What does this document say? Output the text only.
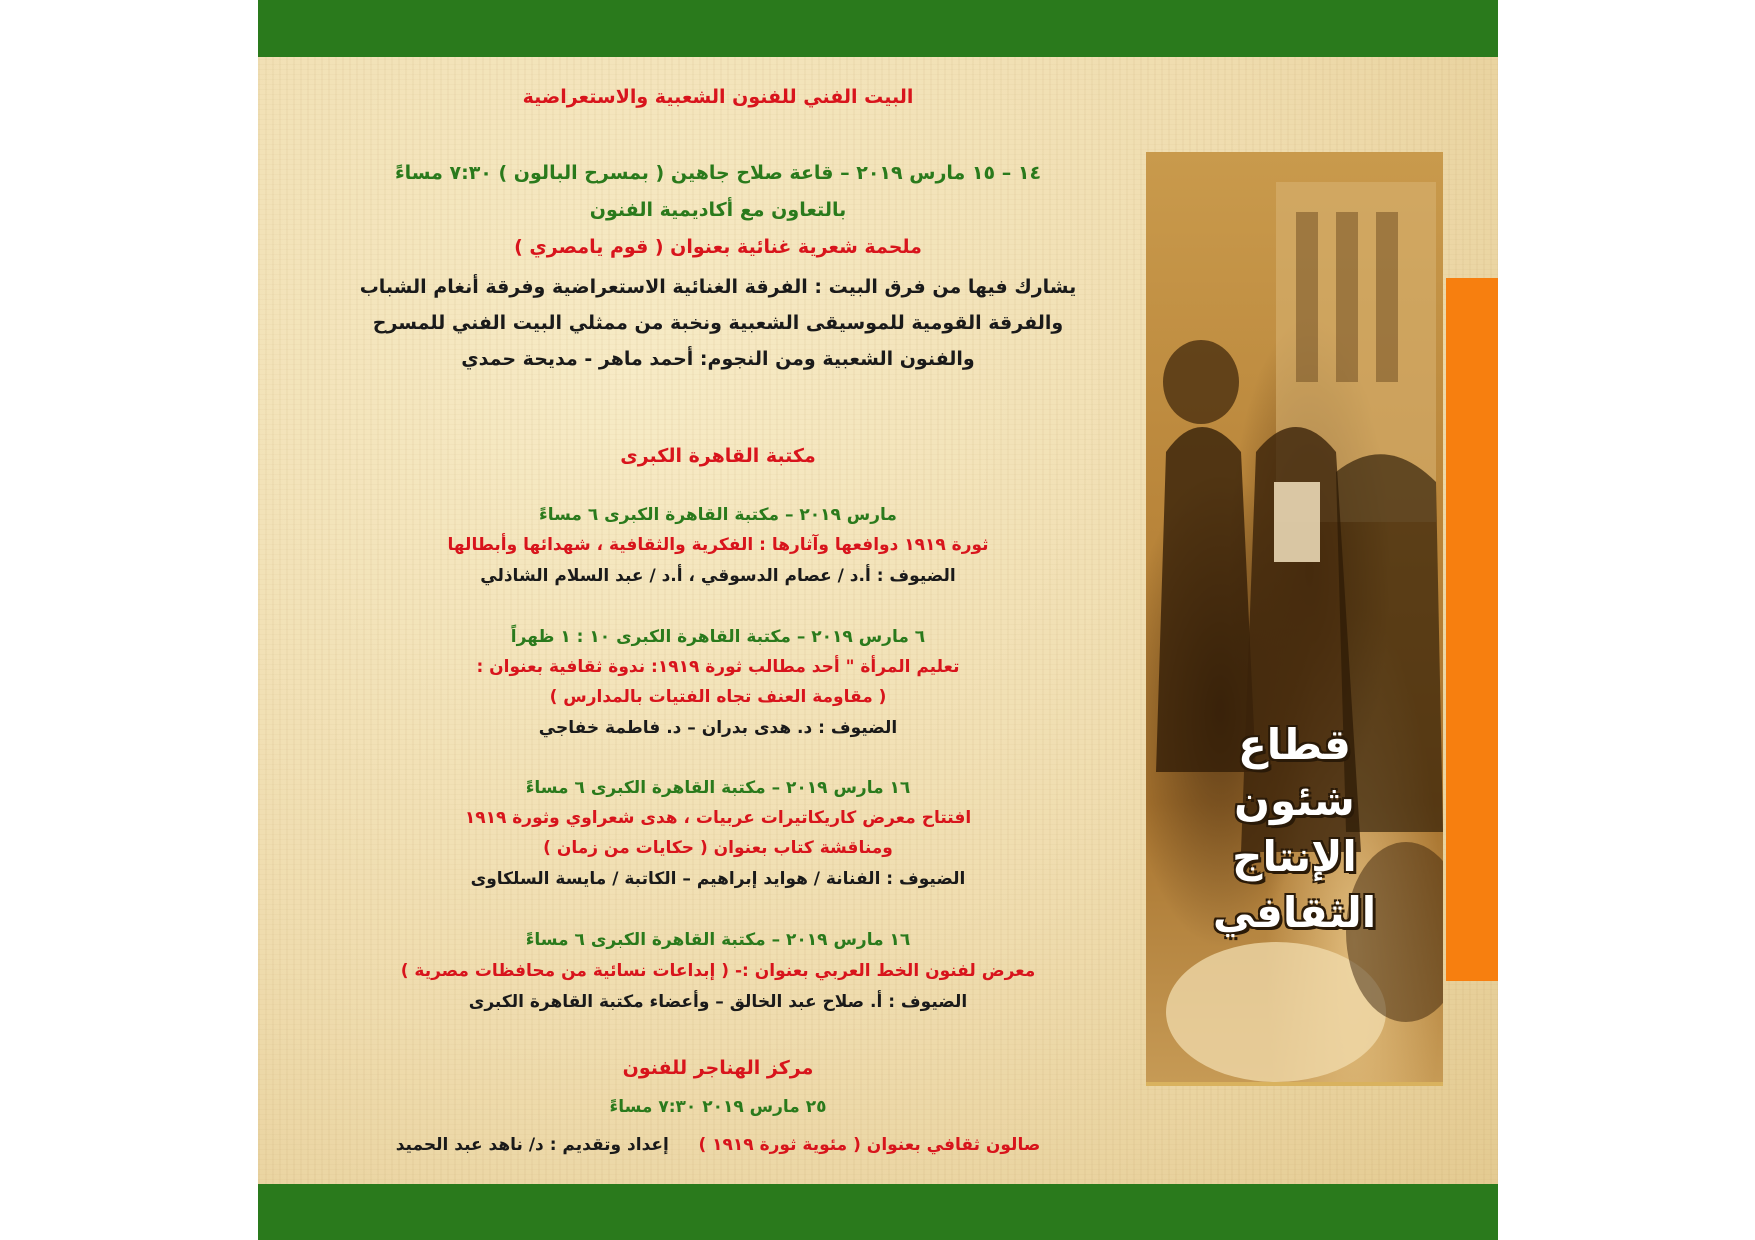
البيت الفني للفنون الشعبية والاستعراضية
١٤ – ١٥ مارس ٢٠١٩ – قاعة صلاح جاهين ( بمسرح البالون ) ٧:٣٠ مساءً
بالتعاون مع أكاديمية الفنون
ملحمة شعرية غنائية بعنوان ( قوم يامصري )
يشارك فيها من فرق البيت : الفرقة الغنائية الاستعراضية وفرقة أنغام الشباب
والفرقة القومية للموسيقى الشعبية ونخبة من ممثلي البيت الفني للمسرح
والفنون الشعبية ومن النجوم: أحمد ماهر - مديحة حمدي
مكتبة القاهرة الكبرى
مارس ٢٠١٩ – مكتبة القاهرة الكبرى ٦ مساءً
ثورة ١٩١٩ دوافعها وآثارها : الفكرية والثقافية ، شهدائها وأبطالها
الضيوف : أ.د / عصام الدسوقي ، أ.د / عبد السلام الشاذلي
٦ مارس ٢٠١٩ – مكتبة القاهرة الكبرى ١٠ : ١ ظهراً
تعليم المرأة " أحد مطالب ثورة ١٩١٩: ندوة ثقافية بعنوان :
( مقاومة العنف تجاه الفتيات بالمدارس )
الضيوف : د. هدى بدران – د. فاطمة خفاجي
١٦ مارس ٢٠١٩ – مكتبة القاهرة الكبرى ٦ مساءً
افتتاح معرض كاريكاتيرات عربيات ، هدى شعراوي وثورة ١٩١٩
ومناقشة كتاب بعنوان ( حكايات من زمان )
الضيوف : الفنانة / هوايد إبراهيم – الكاتبة / مايسة السلكاوى
١٦ مارس ٢٠١٩ – مكتبة القاهرة الكبرى ٦ مساءً
معرض لفنون الخط العربي بعنوان :- ( إبداعات نسائية من محافظات مصرية )
الضيوف : أ. صلاح عبد الخالق – وأعضاء مكتبة القاهرة الكبرى
مركز الهناجر للفنون
٢٥ مارس ٢٠١٩ ٧:٣٠ مساءً
صالون ثقافي بعنوان ( مئوية ثورة ١٩١٩ )     إعداد وتقديم : د/ ناهد عبد الحميد
قطاع
شئون
الإنتاج
الثقافي
